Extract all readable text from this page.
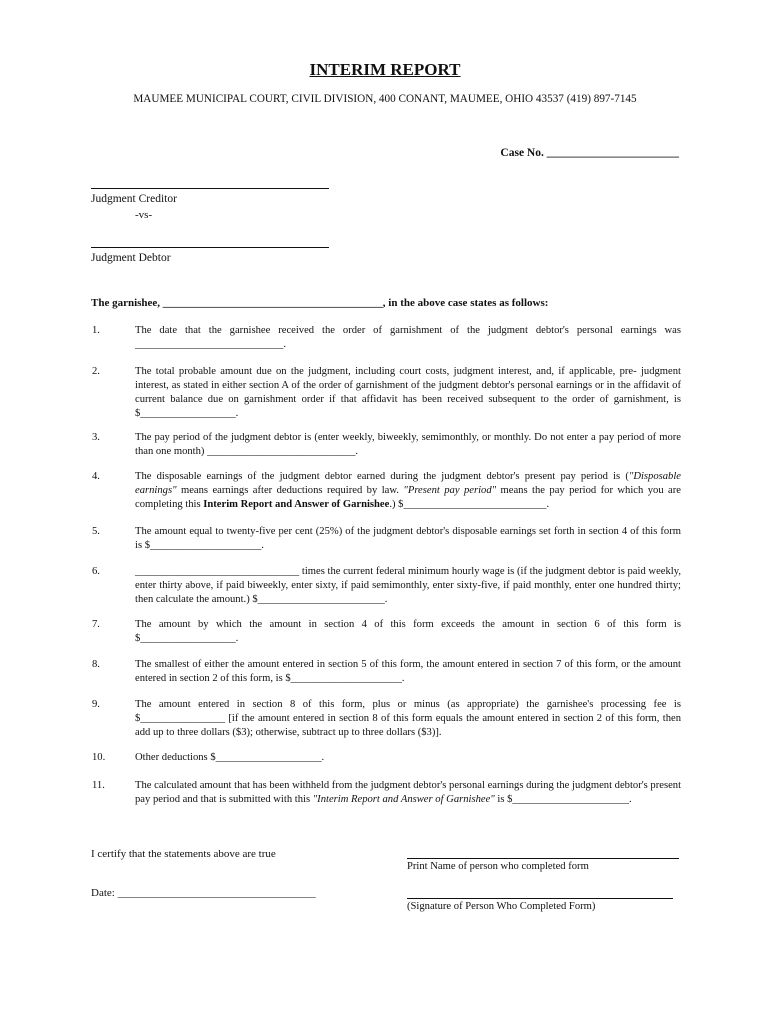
INTERIM REPORT
MAUMEE MUNICIPAL COURT, CIVIL DIVISION, 400 CONANT, MAUMEE, OHIO 43537 (419) 897-7145
Case No. _______________________
Judgment Creditor
-vs-
Judgment Debtor
The garnishee, ________________________________________, in the above case states as follows:
1.	The date that the garnishee received the order of garnishment of the judgment debtor's personal earnings was ____________________________.
2.	The total probable amount due on the judgment, including court costs, judgment interest, and, if applicable, pre- judgment interest, as stated in either section A of the order of garnishment of the judgment debtor's personal earnings or in the affidavit of current balance due on garnishment order if that affidavit has been received subsequent to the order of garnishment, is $__________________.
3.	The pay period of the judgment debtor is (enter weekly, biweekly, semimonthly, or monthly. Do not enter a pay period of more than one month) ____________________________.
4.	The disposable earnings of the judgment debtor earned during the judgment debtor's present pay period is ("Disposable earnings" means earnings after deductions required by law. "Present pay period" means the pay period for which you are completing this Interim Report and Answer of Garnishee.) $___________________________.
5.	The amount equal to twenty-five per cent (25%) of the judgment debtor's disposable earnings set forth in section 4 of this form is $_____________________.
6.	_______________________________ times the current federal minimum hourly wage is (if the judgment debtor is paid weekly, enter thirty above, if paid biweekly, enter sixty, if paid semimonthly, enter sixty-five, if paid monthly, enter one hundred thirty; then calculate the amount.) $________________________.
7.	The amount by which the amount in section 4 of this form exceeds the amount in section 6 of this form is $__________________.
8.	The smallest of either the amount entered in section 5 of this form, the amount entered in section 7 of this form, or the amount entered in section 2 of this form, is $_____________________.
9.	The amount entered in section 8 of this form, plus or minus (as appropriate) the garnishee's processing fee is $________________ [if the amount entered in section 8 of this form equals the amount entered in section 2 of this form, then add up to three dollars ($3); otherwise, subtract up to three dollars ($3)].
10.	Other deductions $____________________.
11.	The calculated amount that has been withheld from the judgment debtor's personal earnings during the judgment debtor's present pay period and that is submitted with this "Interim Report and Answer of Garnishee" is $______________________.
I certify that the statements above are true
Date: ____________________________________
Print Name of person who completed form
(Signature of Person Who Completed Form)
